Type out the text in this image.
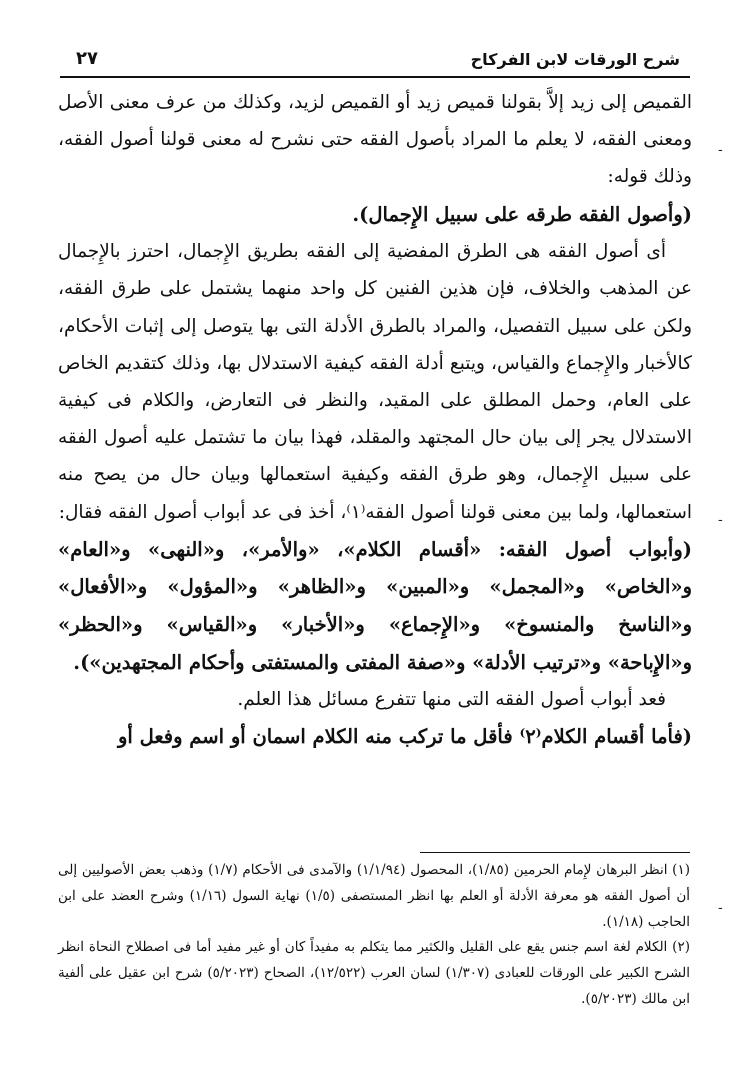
شرح الورقات لابن الفركاح
٢٧

القميص إلى زيد إلاَّ بقولنا قميص زيد أو القميص لزيد، وكذلك من عرف معنى الأصل ومعنى الفقه، لا يعلم ما المراد بأصول الفقه حتى نشرح له معنى قولنا أصول الفقه، وذلك قوله:

(وأصول الفقه طرقه على سبيل الإِجمال).

أى أصول الفقه هى الطرق المفضية إلى الفقه بطريق الإِجمال، احترز بالإِجمال عن المذهب والخلاف، فإن هذين الفنين كل واحد منهما يشتمل على طرق الفقه، ولكن على سبيل التفصيل، والمراد بالطرق الأدلة التى بها يتوصل إلى إثبات الأحكام، كالأخبار والإِجماع والقياس، ويتبع أدلة الفقه كيفية الاستدلال بها، وذلك كتقديم الخاص على العام، وحمل المطلق على المقيد، والنظر فى التعارض، والكلام فى كيفية الاستدلال يجر إلى بيان حال المجتهد والمقلد، فهذا بيان ما تشتمل عليه أصول الفقه على سبيل الإِجمال، وهو طرق الفقه وكيفية استعمالها وبيان حال من يصح منه استعمالها، ولما بين معنى قولنا أصول الفقه⁽١⁾، أخذ فى عد أبواب أصول الفقه فقال:

(وأبواب أصول الفقه: «أقسام الكلام»، «والأمر»، و«النهى» و«العام» و«الخاص» و«المجمل» و«المبين» و«الظاهر» و«المؤول» و«الأفعال» و«الناسخ والمنسوخ» و«الإِجماع» و«الأخبار» و«القياس» و«الحظر» و«الإِباحة» و«ترتيب الأدلة» و«صفة المفتى والمستفتى وأحكام المجتهدين»).

فعد أبواب أصول الفقه التى منها تتفرع مسائل هذا العلم.

(فأما أقسام الكلام⁽٢⁾ فأقل ما تركب منه الكلام اسمان أو اسم وفعل أو

(١) انظر البرهان لإِمام الحرمين (١/٨٥)، المحصول (١/١/٩٤) والآمدى فى الأحكام (١/٧) وذهب بعض الأصوليين إلى أن أصول الفقه هو معرفة الأدلة أو العلم بها انظر المستصفى (١/٥) نهاية السول (١/١٦) وشرح العضد على ابن الحاجب (١/١٨).

(٢) الكلام لغة اسم جنس يقع على القليل والكثير مما يتكلم به مفيداً كان أو غير مفيد أما فى اصطلاح النحاة انظر الشرح الكبير على الورقات للعبادى (١/٣٠٧) لسان العرب (١٢/٥٢٢)، الصحاح (٥/٢٠٢٣) شرح ابن عقيل على ألفية ابن مالك (٥/٢٠٢٣).

-
-
-
